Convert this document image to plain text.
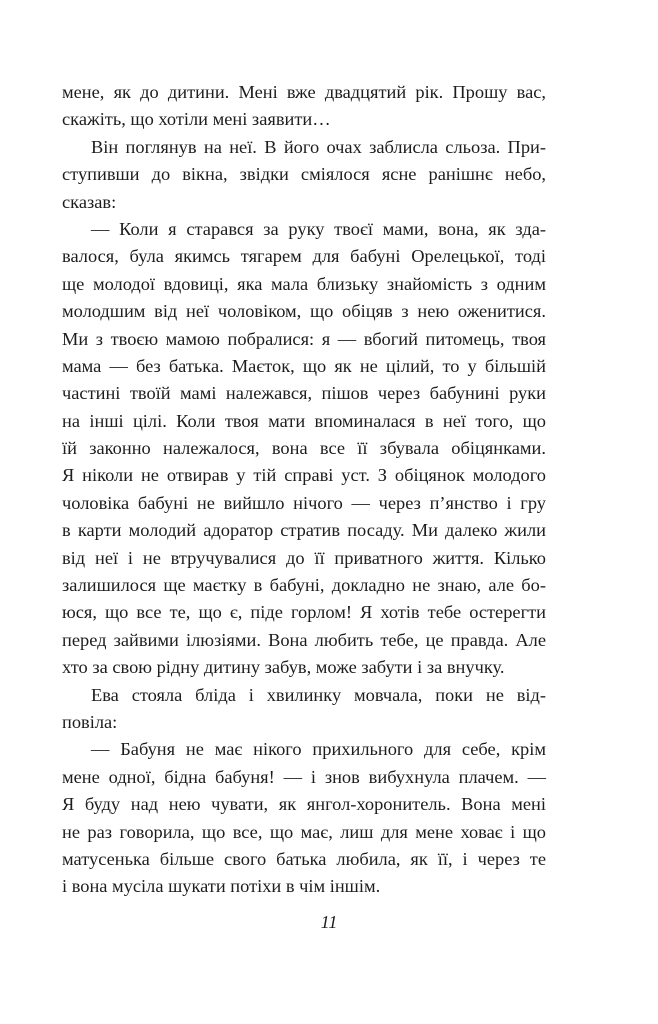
мене, як до дитини. Мені вже двадцятий рік. Прошу вас,
скажіть, що хотіли мені заявити…
Він поглянув на неї. В його очах заблисла сльоза. При-
ступивши до вікна, звідки сміялося ясне ранішнє небо,
сказав:
— Коли я старався за руку твоєї мами, вона, як зда-
валося, була якимсь тягарем для бабуні Орелецької, тоді
ще молодої вдовиці, яка мала близьку знайомість з одним
молодшим від неї чоловіком, що обіцяв з нею оженитися.
Ми з твоєю мамою побралися: я — вбогий питомець, твоя
мама — без батька. Маєток, що як не цілий, то у більшій
частині твоїй мамі належався, пішов через бабунині руки
на інші цілі. Коли твоя мати впоминалася в неї того, що
їй законно належалося, вона все її збувала обіцянками.
Я ніколи не отвирав у тій справі уст. З обіцянок молодого
чоловіка бабуні не вийшло нічого — через п’янство і гру
в карти молодий адоратор стратив посаду. Ми далеко жили
від неї і не втручувалися до її приватного життя. Кілько
залишилося ще маєтку в бабуні, докладно не знаю, але бо-
юся, що все те, що є, піде горлом! Я хотів тебе остерегти
перед зайвими ілюзіями. Вона любить тебе, це правда. Але
хто за свою рідну дитину забув, може забути і за внучку.
Ева стояла бліда і хвилинку мовчала, поки не від-
повіла:
— Бабуня не має нікого прихильного для себе, крім
мене одної, бідна бабуня! — і знов вибухнула плачем. —
Я буду над нею чувати, як янгол-хоронитель. Вона мені
не раз говорила, що все, що має, лиш для мене ховає і що
матусенька більше свого батька любила, як її, і через те
і вона мусіла шукати потіхи в чім іншім.
11
